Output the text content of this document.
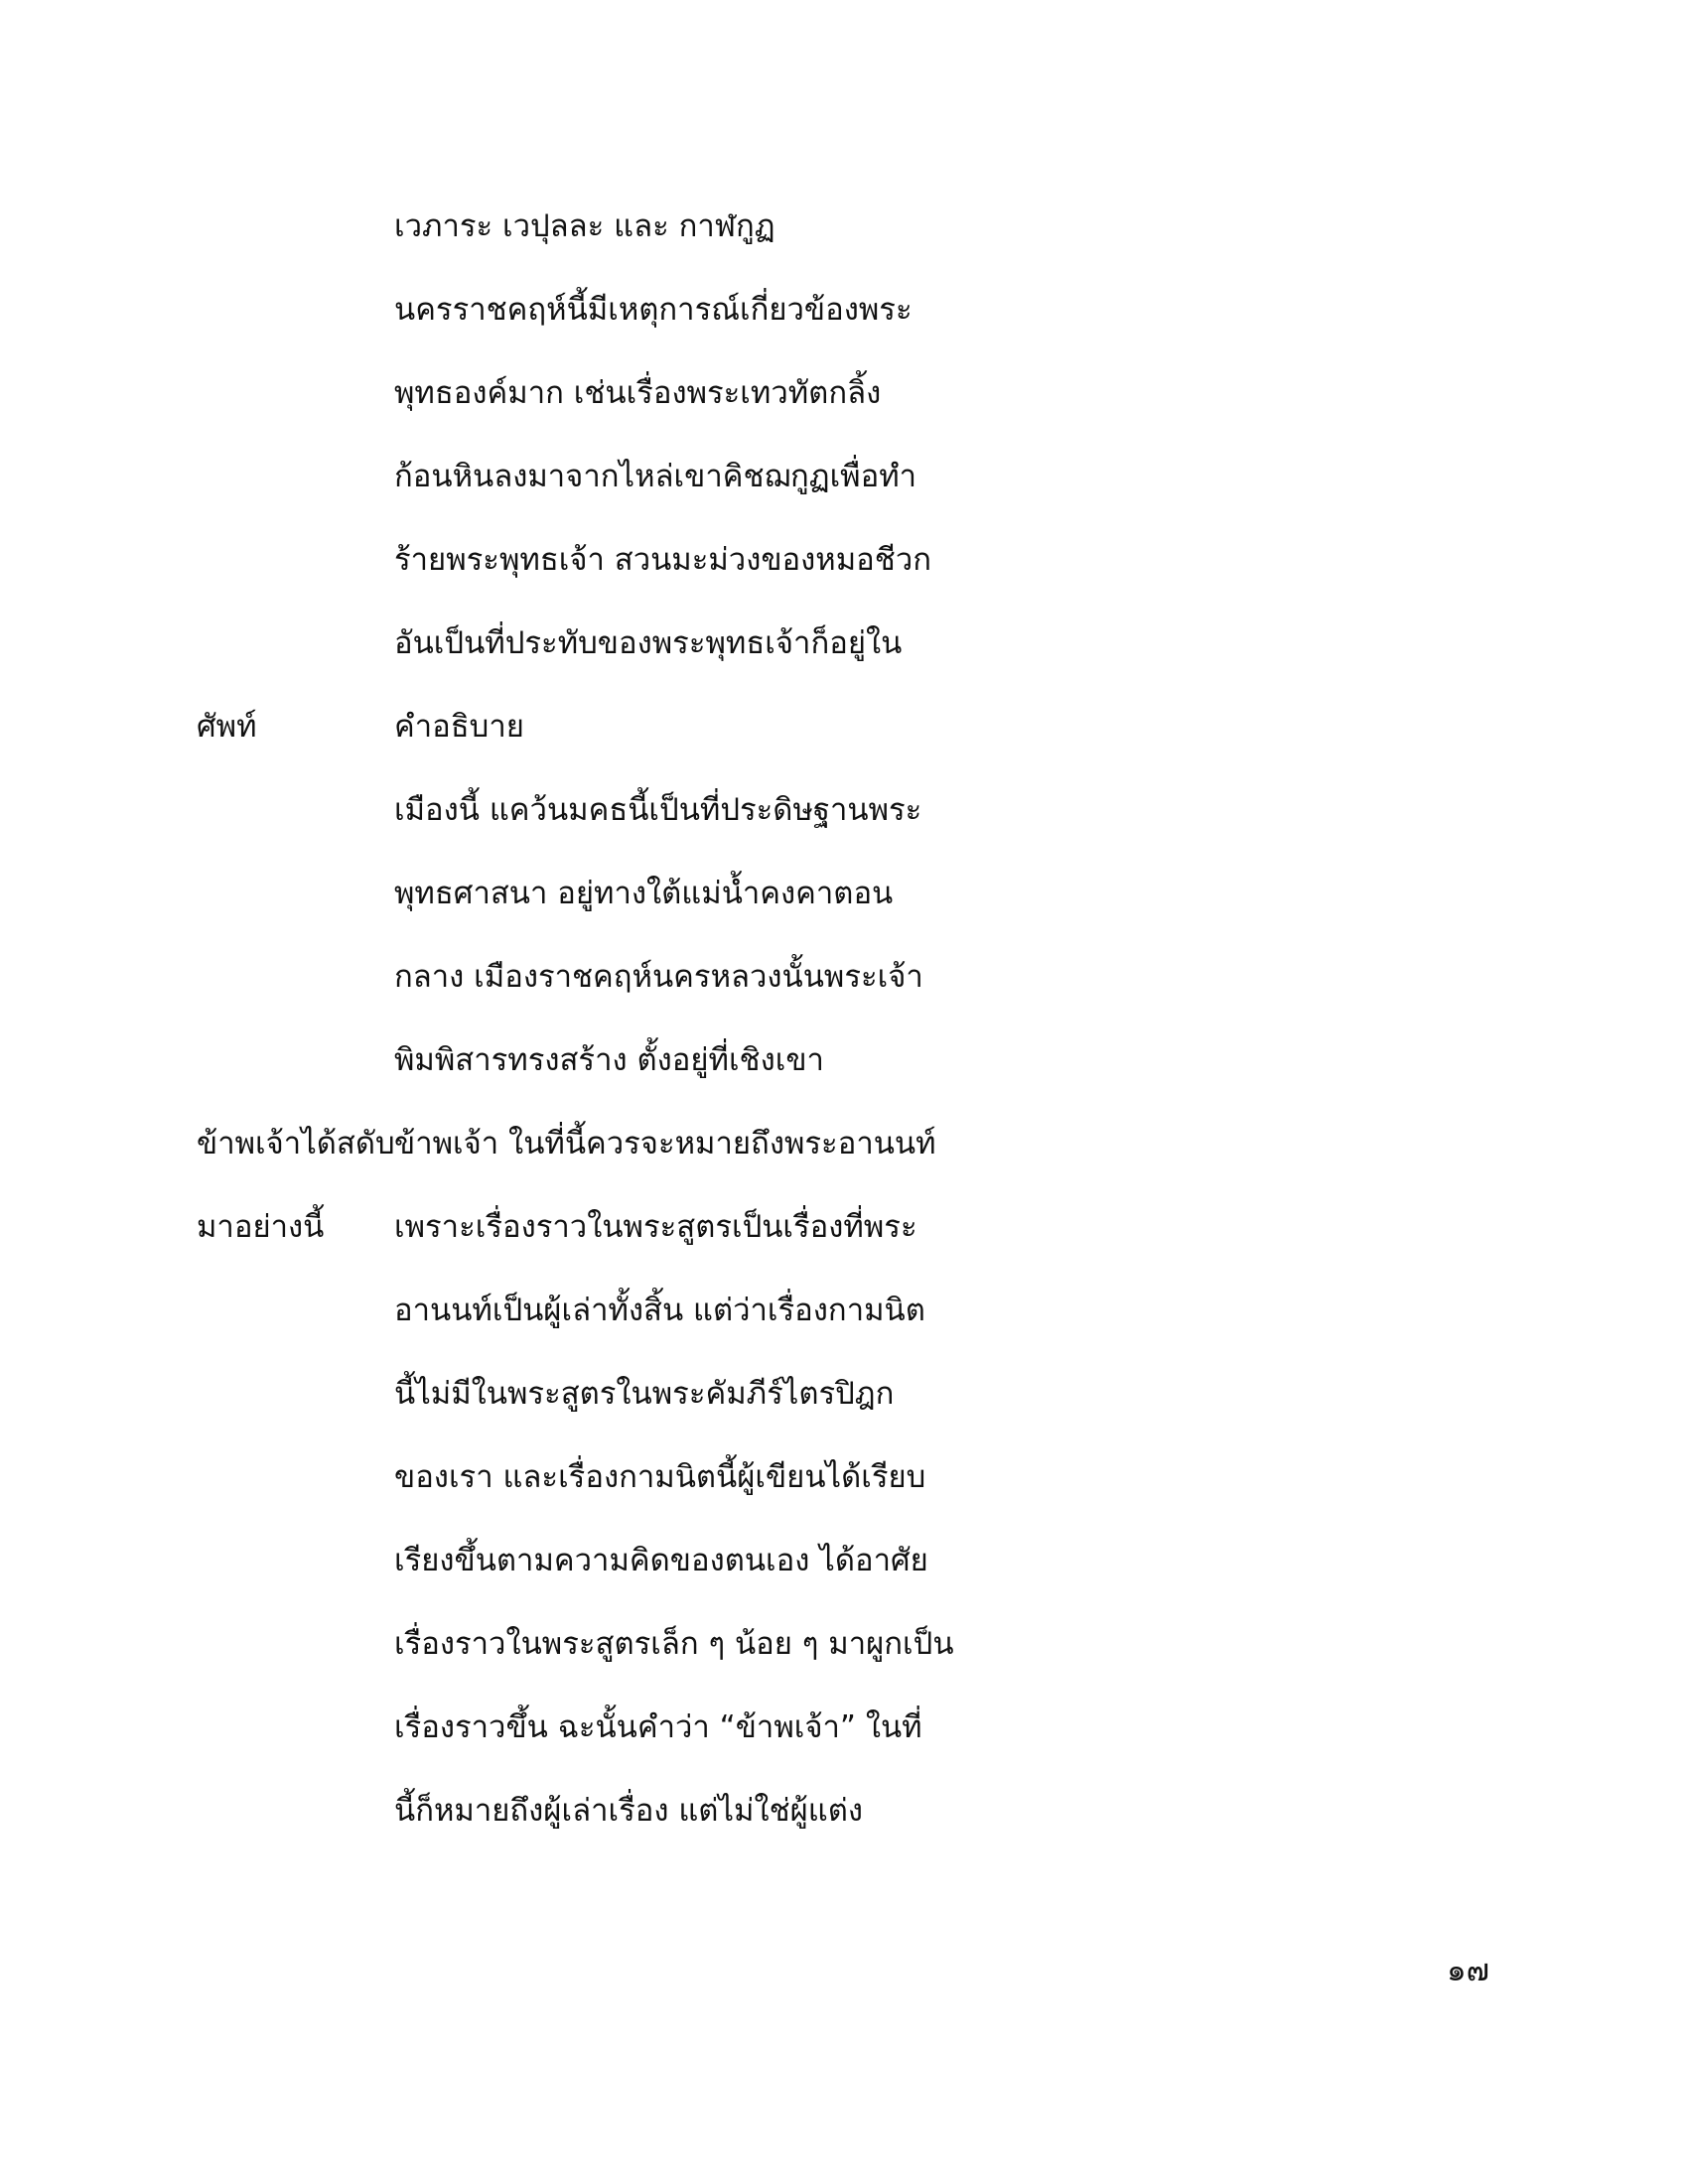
เวภาระ เวปุลละ และ กาฬกูฏ
นครราชคฤห์นี้มีเหตุการณ์เกี่ยวข้องพระ
พุทธองค์มาก เช่นเรื่องพระเทวทัตกลิ้ง
ก้อนหินลงมาจากไหล่เขาคิชฌกูฏเพื่อทำ
ร้ายพระพุทธเจ้า สวนมะม่วงของหมอชีวก
อันเป็นที่ประทับของพระพุทธเจ้าก็อยู่ใน
ศัพท์	คำอธิบาย
เมืองนี้ แคว้นมคธนี้เป็นที่ประดิษฐานพระ
พุทธศาสนา อยู่ทางใต้แม่น้ำคงคาตอน
กลาง เมืองราชคฤห์นครหลวงนั้นพระเจ้า
พิมพิสารทรงสร้าง ตั้งอยู่ที่เชิงเขา
ข้าพเจ้าได้สดับ ข้าพเจ้า ในที่นี้ควรจะหมายถึงพระอานนท์
มาอย่างนี้ เพราะเรื่องราวในพระสูตรเป็นเรื่องที่พระ
อานนท์เป็นผู้เล่าทั้งสิ้น แต่ว่าเรื่องกามนิต
นี้ไม่มีในพระสูตรในพระคัมภีร์ไตรปิฎก
ของเรา และเรื่องกามนิตนี้ผู้เขียนได้เรียบ
เรียงขึ้นตามความคิดของตนเอง ได้อาศัย
เรื่องราวในพระสูตรเล็ก ๆ น้อย ๆ มาผูกเป็น
เรื่องราวขึ้น ฉะนั้นคำว่า “ข้าพเจ้า” ในที่
นี้ก็หมายถึงผู้เล่าเรื่อง แต่ไม่ใช่ผู้แต่ง
๑๗
